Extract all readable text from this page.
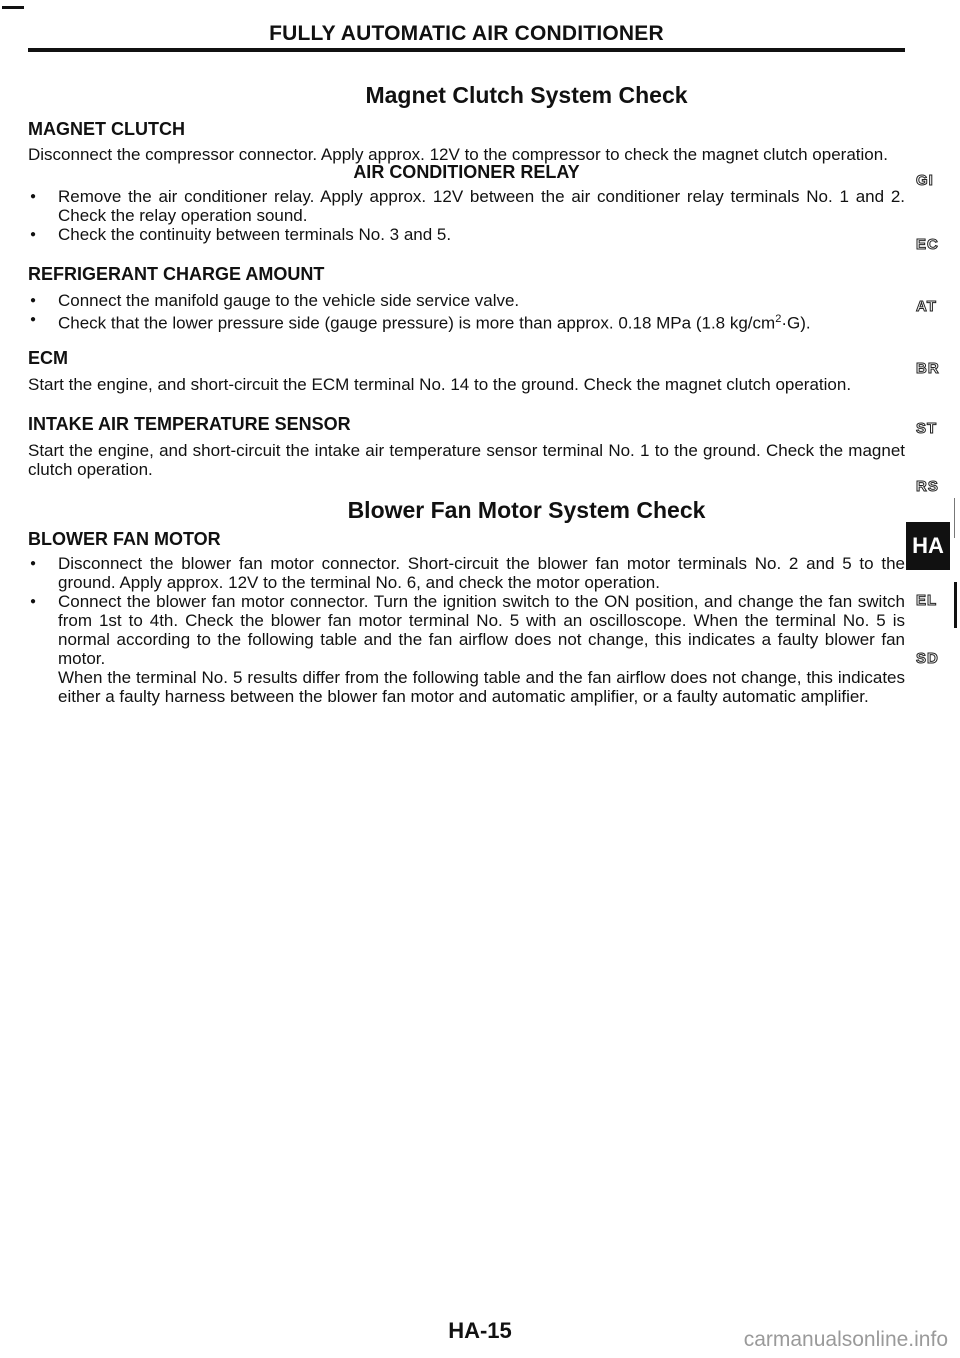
FULLY AUTOMATIC AIR CONDITIONER
Magnet Clutch System Check
MAGNET CLUTCH

Disconnect the compressor connector. Apply approx. 12V to the compressor to check the magnet clutch operation.

AIR CONDITIONER RELAY
● Remove the air conditioner relay. Apply approx. 12V between the air conditioner relay terminals No. 1 and 2. Check the relay operation sound.
● Check the continuity between terminals No. 3 and 5.
REFRIGERANT CHARGE AMOUNT
● Connect the manifold gauge to the vehicle side service valve.
● Check that the lower pressure side (gauge pressure) is more than approx. 0.18 MPa (1.8 $kg/cm^2\cdot G$).
ECM

Start the engine, and short-circuit the ECM terminal No. 14 to the ground. Check the magnet clutch operation.

INTAKE AIR TEMPERATURE SENSOR

Start the engine, and short-circuit the intake air temperature sensor terminal No. 1 to the ground. Check the magnet clutch operation.

Blower Fan Motor System Check
BLOWER FAN MOTOR
● Disconnect the blower fan motor connector. Short-circuit the blower fan motor terminals No. 2 and 5 to the ground. Apply approx. 12V to the terminal No. 6, and check the motor operation.
● Connect the blower fan motor connector. Turn the ignition switch to the ON position, and change the fan switch from 1st to 4th. Check the blower fan motor terminal No. 5 with an oscilloscope. When the terminal No. 5 is normal according to the following table and the fan airflow does not change, this indicates a faulty blower fan motor.
When the terminal No. 5 results differ from the following table and the fan airflow does not change, this indicates either a faulty harness between the blower fan motor and automatic amplifier, or a faulty automatic amplifier.
GI
EC
AT
BR
ST
RS
HA
EL
SD
HA-15	carmanualsonline.info
